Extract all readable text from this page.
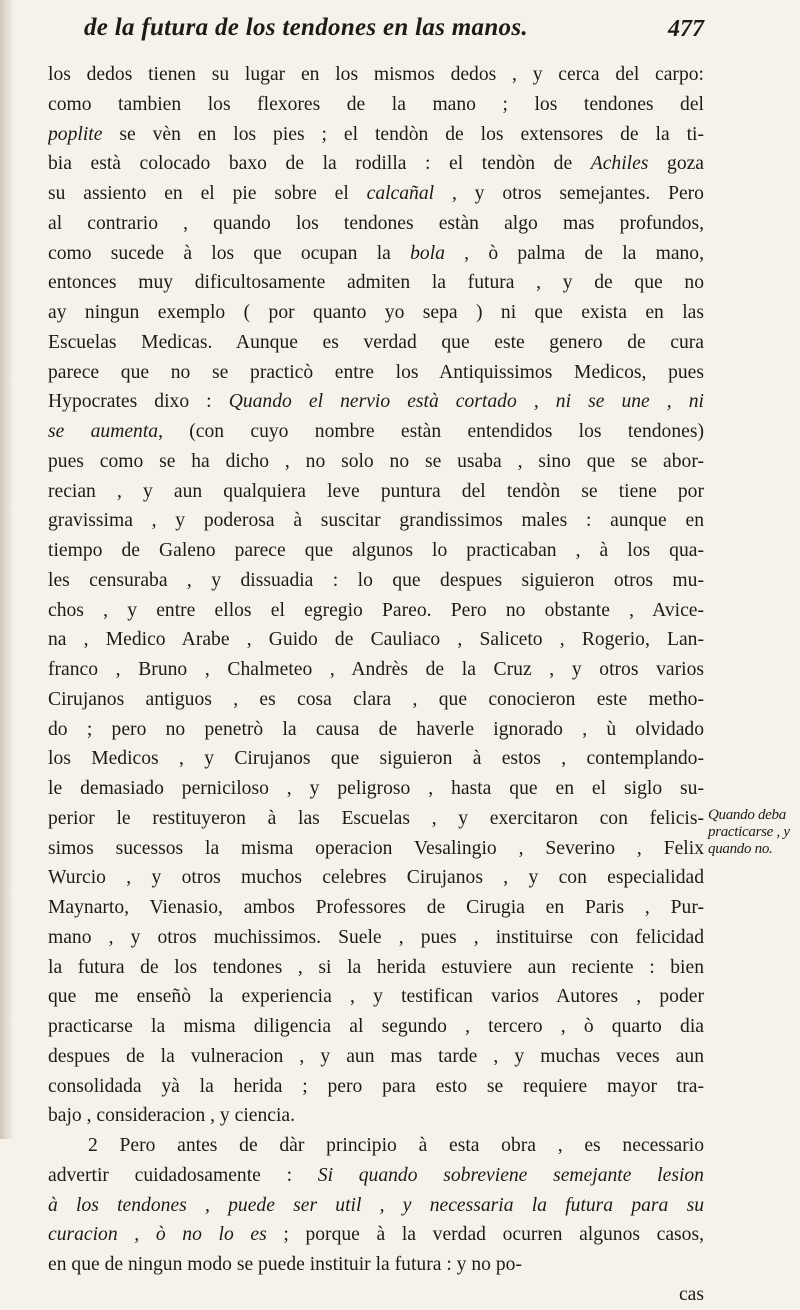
de la futura de los tendones en las manos.	477
los dedos tienen su lugar en los mismos dedos , y cerca del carpo:
como tambien los flexores de la mano ; los tendones del
poplite se vèn en los pies ; el tendòn de los extensores de la ti-
bia està colocado baxo de la rodilla : el tendòn de Achiles goza
su assiento en el pie sobre el calcañal , y otros semejantes. Pero
al contrario , quando los tendones estàn algo mas profundos,
como sucede à los que ocupan la bola , ò palma de la mano,
entonces muy dificultosamente admiten la futura , y de que no
ay ningun exemplo ( por quanto yo sepa ) ni que exista en las
Escuelas Medicas. Aunque es verdad que este genero de cura
parece que no se practicò entre los Antiquissimos Medicos, pues
Hypocrates dixo : Quando el nervio està cortado , ni se une , ni
se aumenta, (con cuyo nombre estàn entendidos los tendones)
pues como se ha dicho , no solo no se usaba , sino que se abor-
recian , y aun qualquiera leve puntura del tendòn se tiene por
gravissima , y poderosa à suscitar grandissimos males : aunque en
tiempo de Galeno parece que algunos lo practicaban , à los qua-
les censuraba , y dissuadia : lo que despues siguieron otros mu-
chos , y entre ellos el egregio Pareo. Pero no obstante , Avice-
na , Medico Arabe , Guido de Cauliaco , Saliceto , Rogerio, Lan-
franco , Bruno , Chalmeteo , Andrès de la Cruz , y otros varios
Cirujanos antiguos , es cosa clara , que conocieron este metho-
do ; pero no penetrò la causa de haverle ignorado , ù olvidado
los Medicos , y Cirujanos que siguieron à estos , contemplando-
le demasiado perniciloso , y peligroso , hasta que en el siglo su-
perior le restituyeron à las Escuelas , y exercitaron con felicis-
simos sucessos la misma operacion Vesalingio , Severino , Felix
Wurcio , y otros muchos celebres Cirujanos , y con especialidad
Maynarto, Vienasio, ambos Professores de Cirugia en Paris , Pur-
mano , y otros muchissimos. Suele , pues , instituirse con felicidad
la futura de los tendones , si la herida estuviere aun reciente : bien
que me enseñò la experiencia , y testifican varios Autores , poder
practicarse la misma diligencia al segundo , tercero , ò quarto dia
despues de la vulneracion , y aun mas tarde , y muchas veces aun
consolidada yà la herida ; pero para esto se requiere mayor tra-
bajo , consideracion , y ciencia.
2 Pero antes de dàr principio à esta obra , es necessario
advertir cuidadosamente : Si quando sobreviene semejante lesion
à los tendones , puede ser util , y necessaria la futura para su
curacion , ò no lo es ; porque à la verdad ocurren algunos casos,
en que de ningun modo se puede instituir la futura : y no po-
cas
Quando deba
practicarse , y
quando no.
